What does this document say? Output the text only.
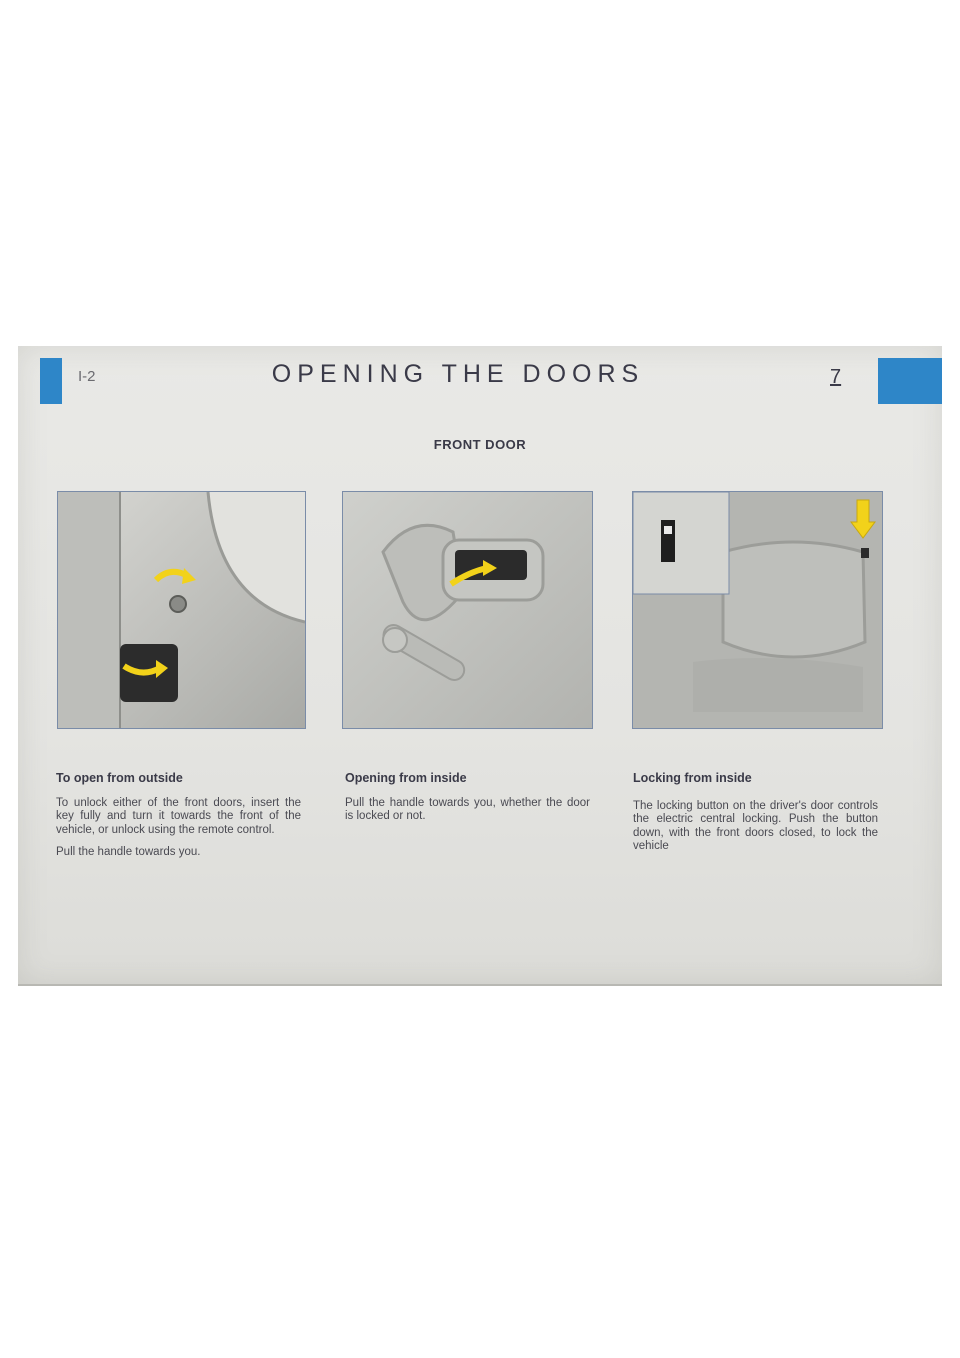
I-2	OPENING THE DOORS	7
FRONT DOOR
To open from outside

To unlock either of the front doors, insert the key fully and turn it towards the front of the vehicle, or unlock using the remote control.

Pull the handle towards you.

Opening from inside

Pull the handle towards you, whether the door is locked or not.

Locking from inside

The locking button on the driver's door controls the electric central locking. Push the button down, with the front doors closed, to lock the vehicle
